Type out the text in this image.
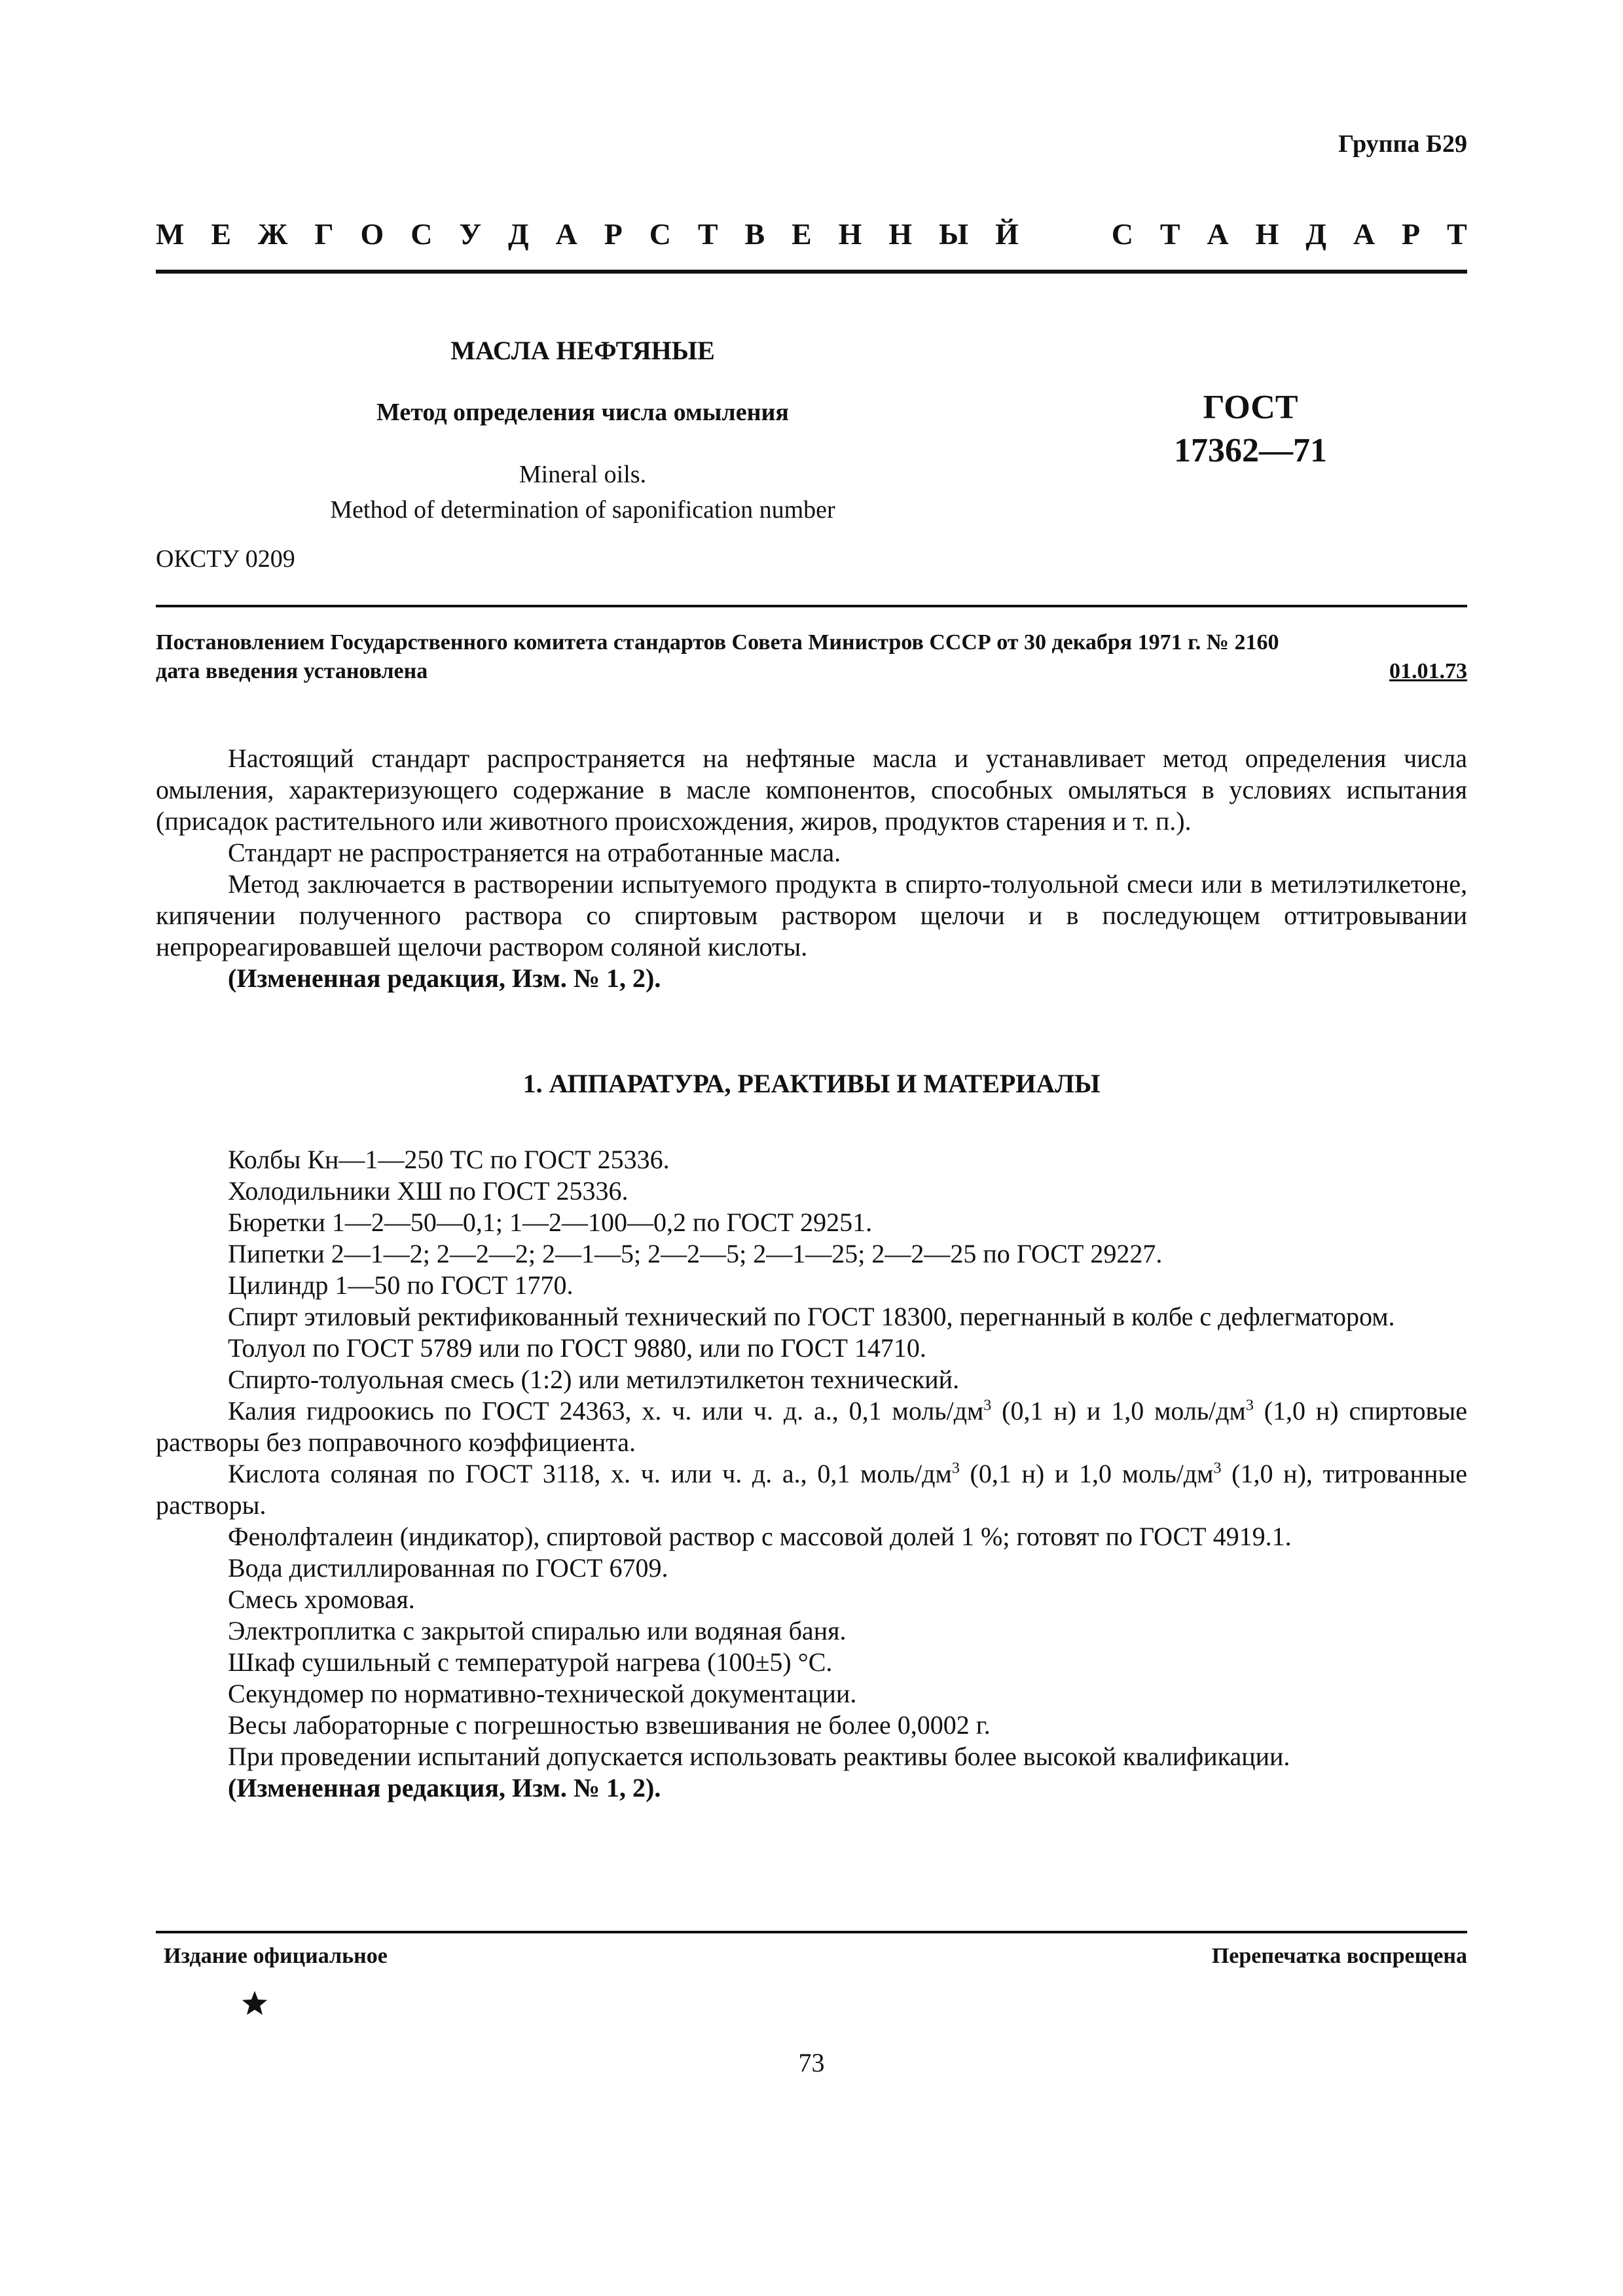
Группа Б29
М Е Ж Г О С У Д А Р С Т В Е Н Н Ы Й	С Т А Н Д А Р Т
МАСЛА НЕФТЯНЫЕ
Метод определения числа омыления
Mineral oils.
Method of determination of saponification number
ГОСТ
17362—71
ОКСТУ 0209
Постановлением Государственного комитета стандартов Совета Министров СССР от 30 декабря 1971 г. № 2160
дата введения установлена	01.01.73

Настоящий стандарт распространяется на нефтяные масла и устанавливает метод определения числа омыления, характеризующего содержание в масле компонентов, способных омыляться в условиях испытания (присадок растительного или животного происхождения, жиров, продуктов старения и т. п.).

Стандарт не распространяется на отработанные масла.

Метод заключается в растворении испытуемого продукта в спирто-толуольной смеси или в метилэтилкетоне, кипячении полученного раствора со спиртовым раствором щелочи и в последующем оттитровывании непрореагировавшей щелочи раствором соляной кислоты.

(Измененная редакция, Изм. № 1, 2).

1. АППАРАТУРА, РЕАКТИВЫ И МАТЕРИАЛЫ

Колбы Кн—1—250 ТС по ГОСТ 25336.

Холодильники ХШ по ГОСТ 25336.

Бюретки 1—2—50—0,1; 1—2—100—0,2 по ГОСТ 29251.

Пипетки 2—1—2; 2—2—2; 2—1—5; 2—2—5; 2—1—25; 2—2—25 по ГОСТ 29227.

Цилиндр 1—50 по ГОСТ 1770.

Спирт этиловый ректификованный технический по ГОСТ 18300, перегнанный в колбе с дефлегматором.

Толуол по ГОСТ 5789 или по ГОСТ 9880, или по ГОСТ 14710.

Спирто-толуольная смесь (1:2) или метилэтилкетон технический.

Калия гидроокись по ГОСТ 24363, х. ч. или ч. д. а., 0,1 моль/$дм^3$ (0,1 н) и 1,0 моль/$дм^3$ (1,0 н) спиртовые растворы без поправочного коэффициента.

Кислота соляная по ГОСТ 3118, х. ч. или ч. д. а., 0,1 моль/$дм^3$ (0,1 н) и 1,0 моль/$дм^3$ (1,0 н), титрованные растворы.

Фенолфталеин (индикатор), спиртовой раствор с массовой долей 1 %; готовят по ГОСТ 4919.1.

Вода дистиллированная по ГОСТ 6709.

Смесь хромовая.

Электроплитка с закрытой спиралью или водяная баня.

Шкаф сушильный с температурой нагрева (100±5) °С.

Секундомер по нормативно-технической документации.

Весы лабораторные с погрешностью взвешивания не более 0,0002 г.

При проведении испытаний допускается использовать реактивы более высокой квалификации.

(Измененная редакция, Изм. № 1, 2).

Издание официальное	Перепечатка воспрещена
73
